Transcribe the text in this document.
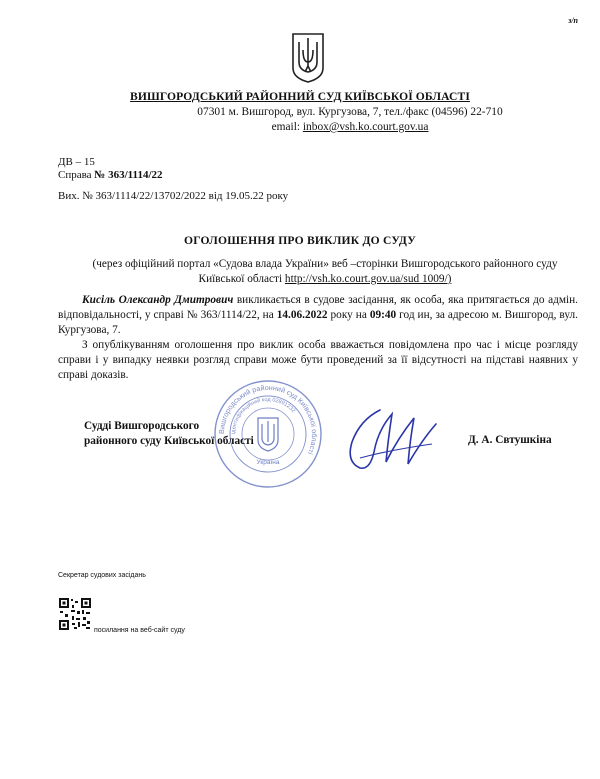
з/п
ВИШГОРОДСЬКИЙ РАЙОННИЙ СУД КИЇВСЬКОЇ ОБЛАСТІ
07301 м. Вишгород, вул. Кургузова, 7, тел./факс (04596) 22-710
email: inbox@vsh.ko.court.gov.ua
ДВ – 15
Справа № 363/1114/22
Вих. № 363/1114/22/13702/2022 від 19.05.22 року
ОГОЛОШЕННЯ ПРО ВИКЛИК ДО СУДУ
(через офіційний портал «Судова влада України» веб –сторінки Вишгородського районного суду Київської області http://vsh.ko.court.gov.ua/sud 1009/)

Кисіль Олександр Дмитрович викликається в судове засідання, як особа, яка притягається до адмін. відповідальності, у справі № 363/1114/22, на 14.06.2022 року на 09:40 год ин, за адресою м. Вишгород, вул. Кургузова, 7.

З опублікуванням оголошення про виклик особа вважається повідомлена про час і місце розгляду справи і у випадку неявки розгляд справи може бути проведений за її відсутності на підставі наявних у справі доказів.

Вишгородський районний суд Київської області
ідентифікаційний код 02891232
Україна
Судді Вишгородського
районного суду Київської області	Д. А. Свтушкіна
Секретар судових засідань
посилання на веб-сайт суду
